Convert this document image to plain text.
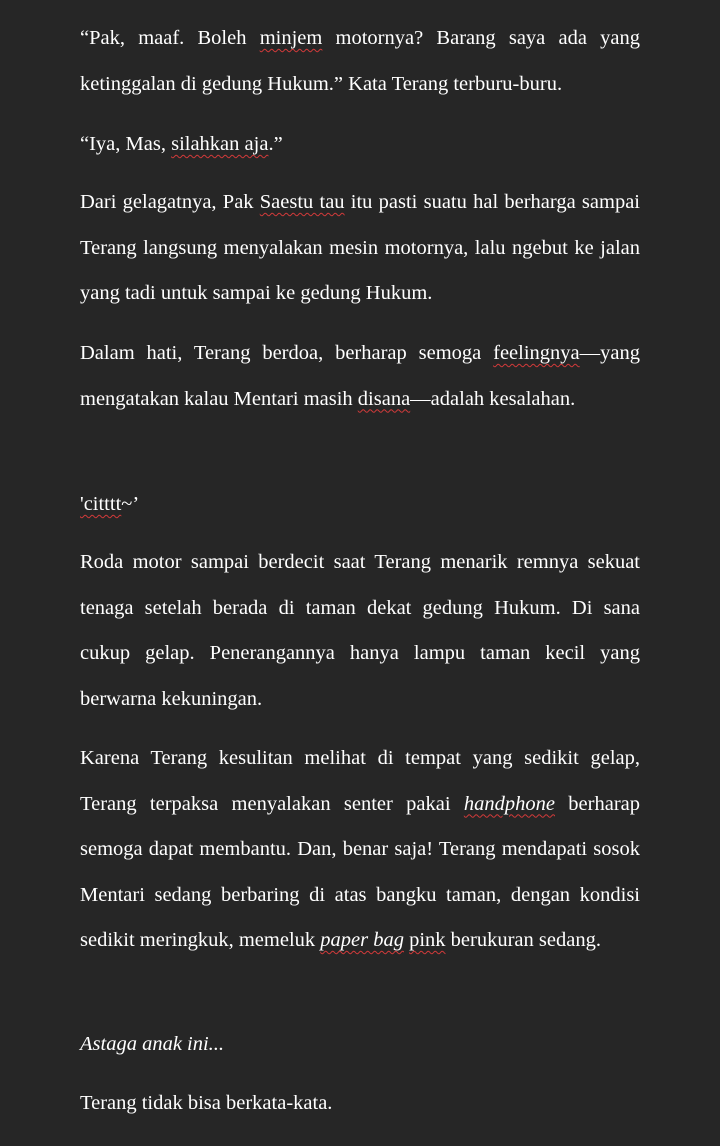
“Pak, maaf. Boleh minjem motornya? Barang saya ada yang ketinggalan di gedung Hukum.” Kata Terang terburu-buru.

“Iya, Mas, silahkan aja.”

Dari gelagatnya, Pak Saestu tau itu pasti suatu hal berharga sampai Terang langsung menyalakan mesin motornya, lalu ngebut ke jalan yang tadi untuk sampai ke gedung Hukum.

Dalam hati, Terang berdoa, berharap semoga feelingnya—yang mengatakan kalau Mentari masih disana—adalah kesalahan.

'citttt~’

Roda motor sampai berdecit saat Terang menarik remnya sekuat tenaga setelah berada di taman dekat gedung Hukum. Di sana cukup gelap. Penerangannya hanya lampu taman kecil yang berwarna kekuningan.

Karena Terang kesulitan melihat di tempat yang sedikit gelap, Terang terpaksa menyalakan senter pakai handphone berharap semoga dapat membantu. Dan, benar saja! Terang mendapati sosok Mentari sedang berbaring di atas bangku taman, dengan kondisi sedikit meringkuk, memeluk paper bag pink berukuran sedang.

Astaga anak ini...

Terang tidak bisa berkata-kata.
